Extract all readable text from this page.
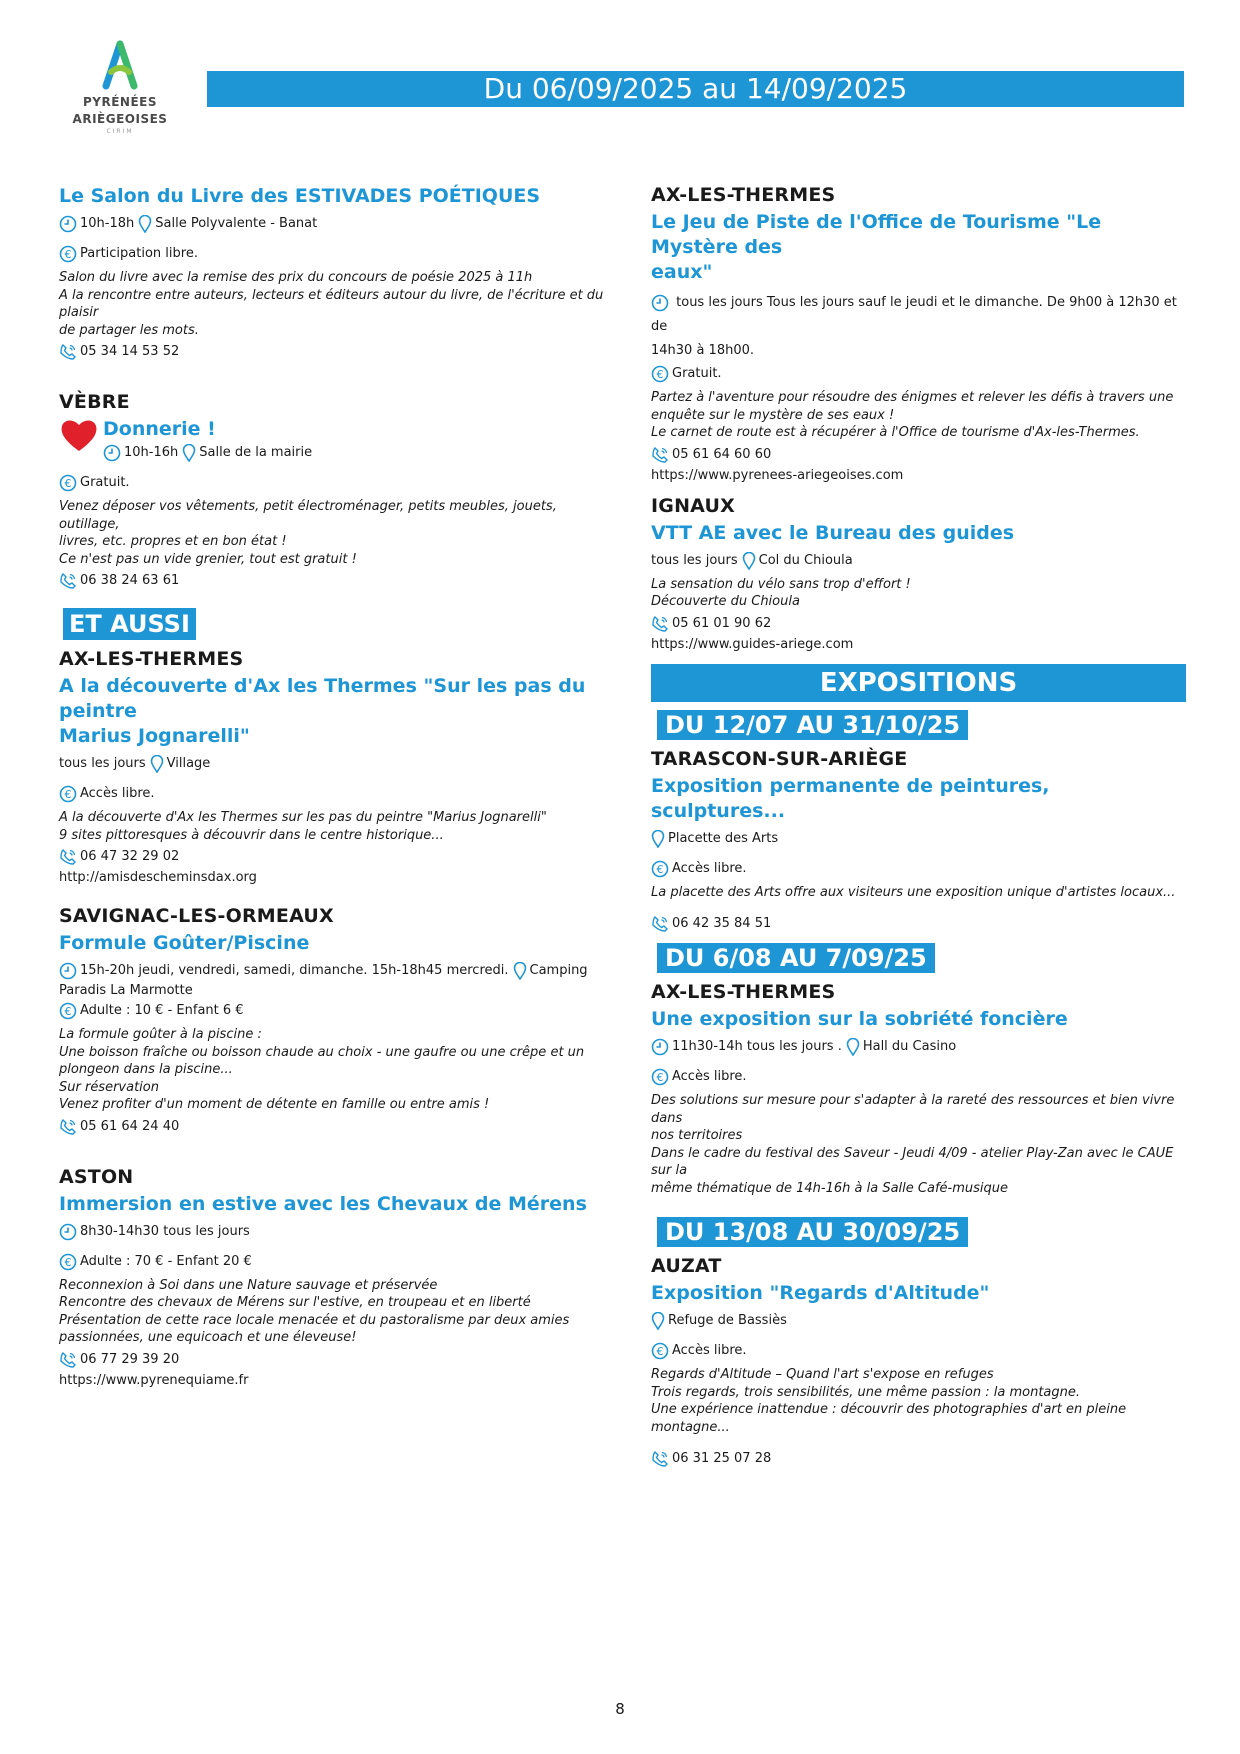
PYRÉNÉES
ARIÈGEOISES
CIRIM
Du 06/09/2025 au 14/09/2025
Le Salon du Livre des ESTIVADES POÉTIQUES
10h-18h Salle Polyvalente - Banat
€ Participation libre.
Salon du livre avec la remise des prix du concours de poésie 2025 à 11h
A la rencontre entre auteurs, lecteurs et éditeurs autour du livre, de l'écriture et du plaisir
de partager les mots.
05 34 14 53 52
VÈBRE
Donnerie !
10h-16h Salle de la mairie
€ Gratuit.
Venez déposer vos vêtements, petit électroménager, petits meubles, jouets, outillage,
livres, etc. propres et en bon état !
Ce n'est pas un vide grenier, tout est gratuit !
06 38 24 63 61
ET AUSSI
AX-LES-THERMES
A la découverte d'Ax les Thermes "Sur les pas du peintre
Marius Jognarelli"
tous les jours Village
€ Accès libre.
A la découverte d'Ax les Thermes sur les pas du peintre "Marius Jognarelli"
9 sites pittoresques à découvrir dans le centre historique...
06 47 32 29 02
http://amisdescheminsdax.org
SAVIGNAC-LES-ORMEAUX
Formule Goûter/Piscine
15h-20h jeudi, vendredi, samedi, dimanche. 15h-18h45 mercredi. Camping
Paradis La Marmotte
€ Adulte : 10 € - Enfant 6 €
La formule goûter à la piscine :
Une boisson fraîche ou boisson chaude au choix - une gaufre ou une crêpe et un
plongeon dans la piscine...
Sur réservation
Venez profiter d'un moment de détente en famille ou entre amis !
05 61 64 24 40
ASTON
Immersion en estive avec les Chevaux de Mérens
8h30-14h30 tous les jours
€ Adulte : 70 € - Enfant 20 €
Reconnexion à Soi dans une Nature sauvage et préservée
Rencontre des chevaux de Mérens sur l'estive, en troupeau et en liberté
Présentation de cette race locale menacée et du pastoralisme par deux amies
passionnées, une equicoach et une éleveuse!
06 77 29 39 20
https://www.pyrenequiame.fr
AX-LES-THERMES
Le Jeu de Piste de l'Office de Tourisme "Le Mystère des
eaux"
tous les jours Tous les jours sauf le jeudi et le dimanche. De 9h00 à 12h30 et de
14h30 à 18h00.
€ Gratuit.
Partez à l'aventure pour résoudre des énigmes et relever les défis à travers une
enquête sur le mystère de ses eaux !
Le carnet de route est à récupérer à l'Office de tourisme d'Ax-les-Thermes.
05 61 64 60 60
https://www.pyrenees-ariegeoises.com
IGNAUX
VTT AE avec le Bureau des guides
tous les jours Col du Chioula
La sensation du vélo sans trop d'effort !
Découverte du Chioula
05 61 01 90 62
https://www.guides-ariege.com
EXPOSITIONS
DU 12/07 AU 31/10/25
TARASCON-SUR-ARIÈGE
Exposition permanente de peintures, sculptures...
Placette des Arts
€ Accès libre.
La placette des Arts offre aux visiteurs une exposition unique d'artistes locaux...
06 42 35 84 51
DU 6/08 AU 7/09/25
AX-LES-THERMES
Une exposition sur la sobriété foncière
11h30-14h tous les jours . Hall du Casino
€ Accès libre.
Des solutions sur mesure pour s'adapter à la rareté des ressources et bien vivre dans
nos territoires
Dans le cadre du festival des Saveur - Jeudi 4/09 - atelier Play-Zan avec le CAUE sur la
même thématique de 14h-16h à la Salle Café-musique
DU 13/08 AU 30/09/25
AUZAT
Exposition "Regards d'Altitude"
Refuge de Bassiès
€ Accès libre.
Regards d'Altitude – Quand l'art s'expose en refuges
Trois regards, trois sensibilités, une même passion : la montagne.
Une expérience inattendue : découvrir des photographies d'art en pleine montagne...
06 31 25 07 28
8
